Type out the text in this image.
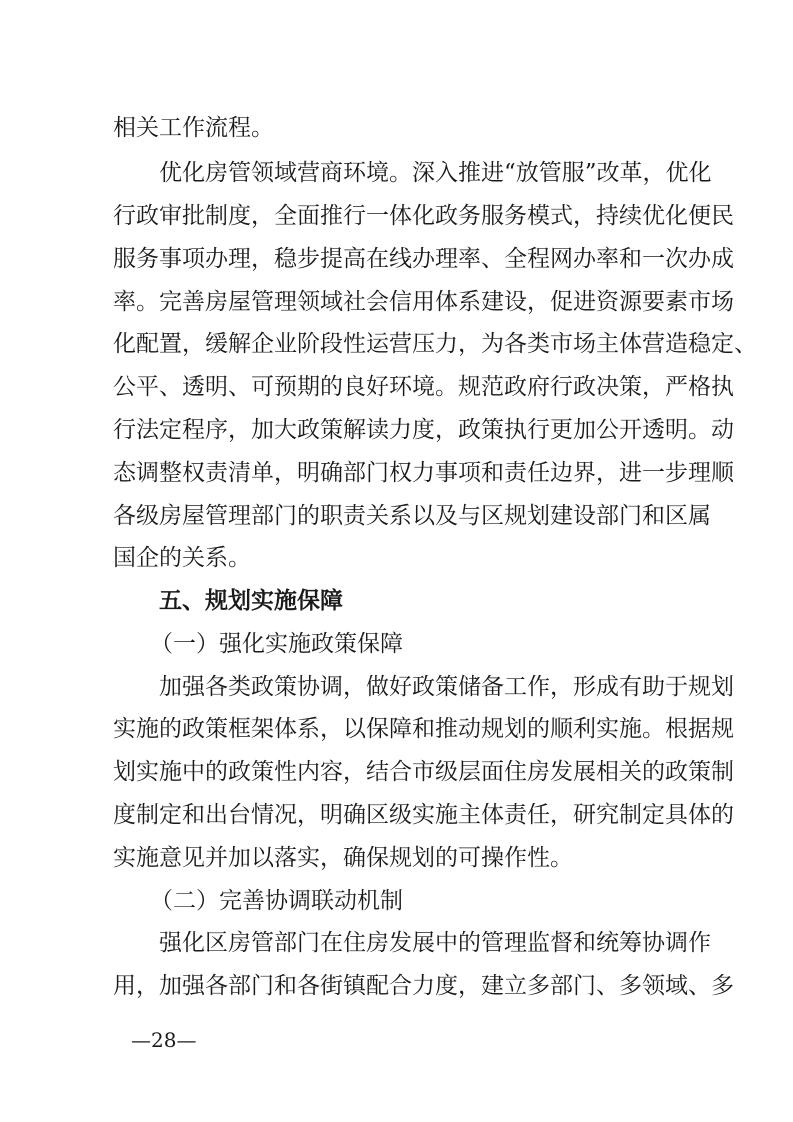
相关工作流程。
优化房管领域营商环境。深入推进“放管服”改革，优化
行政审批制度，全面推行一体化政务服务模式，持续优化便民
服务事项办理，稳步提高在线办理率、全程网办率和一次办成
率。完善房屋管理领域社会信用体系建设，促进资源要素市场
化配置，缓解企业阶段性运营压力，为各类市场主体营造稳定、
公平、透明、可预期的良好环境。规范政府行政决策，严格执
行法定程序，加大政策解读力度，政策执行更加公开透明。动
态调整权责清单，明确部门权力事项和责任边界，进一步理顺
各级房屋管理部门的职责关系以及与区规划建设部门和区属
国企的关系。
五、规划实施保障
（一）强化实施政策保障
加强各类政策协调，做好政策储备工作，形成有助于规划
实施的政策框架体系，以保障和推动规划的顺利实施。根据规
划实施中的政策性内容，结合市级层面住房发展相关的政策制
度制定和出台情况，明确区级实施主体责任，研究制定具体的
实施意见并加以落实，确保规划的可操作性。
（二）完善协调联动机制
强化区房管部门在住房发展中的管理监督和统筹协调作
用，加强各部门和各街镇配合力度，建立多部门、多领域、多
—28—
